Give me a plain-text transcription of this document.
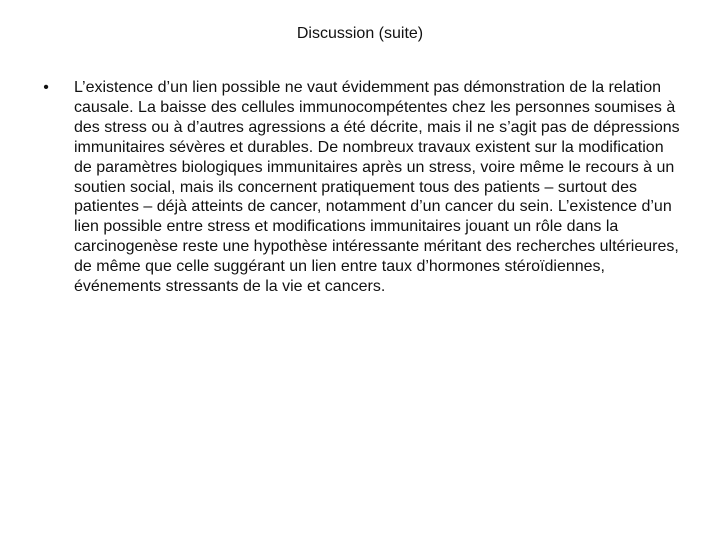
Discussion (suite)
• L’existence d’un lien possible ne vaut évidemment pas démonstration de la relation causale. La baisse des cellules immunocompétentes chez les personnes soumises à des stress ou à d’autres agressions a été décrite, mais il ne s’agit pas de dépressions immunitaires sévères et durables. De nombreux travaux existent sur la modification de paramètres biologiques immunitaires après un stress, voire même le recours à un soutien social, mais ils concernent pratiquement tous des patients – surtout des patientes – déjà atteints de cancer, notamment d’un cancer du sein. L’existence d’un lien possible entre stress et modifications immunitaires jouant un rôle dans la carcinogenèse reste une hypothèse intéressante méritant des recherches ultérieures, de même que celle suggérant un lien entre taux d’hormones stéroïdiennes, événements stressants de la vie et cancers.
